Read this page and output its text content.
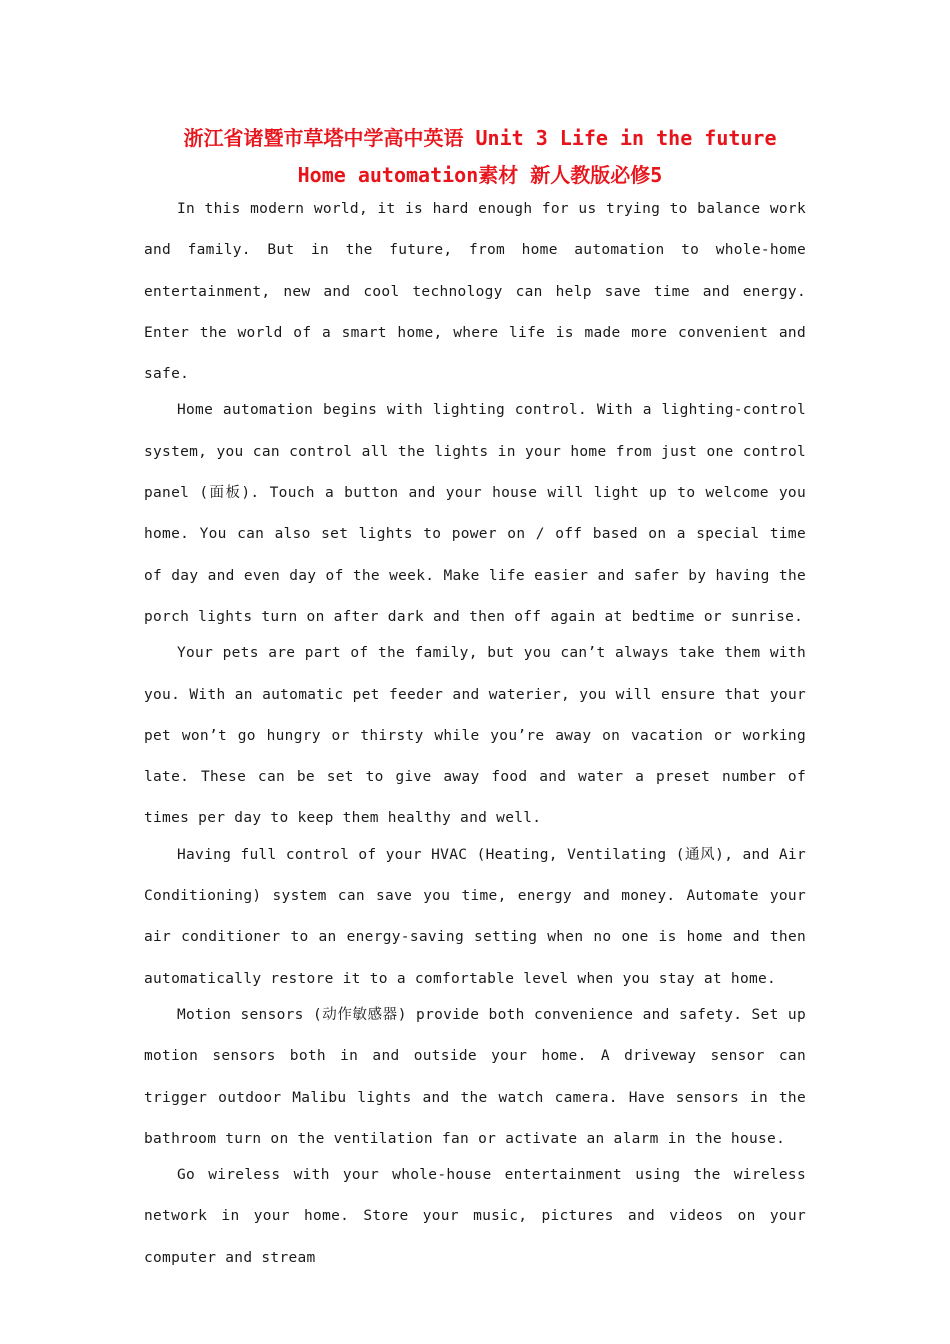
浙江省诸暨市草塔中学高中英语 Unit 3 Life in the future
Home automation素材 新人教版必修5

In this modern world, it is hard enough for us trying to balance work and family. But in the future, from home automation to whole-home entertainment, new and cool technology can help save time and energy. Enter the world of a smart home, where life is made more convenient and safe.

Home automation begins with lighting control. With a lighting-control system, you can control all the lights in your home from just one control panel (面板). Touch a button and your house will light up to welcome you home. You can also set lights to power on / off based on a special time of day and even day of the week. Make life easier and safer by having the porch lights turn on after dark and then off again at bedtime or sunrise.

Your pets are part of the family, but you can’t always take them with you. With an automatic pet feeder and waterier, you will ensure that your pet won’t go hungry or thirsty while you’re away on vacation or working late. These can be set to give away food and water a preset number of times per day to keep them healthy and well.

Having full control of your HVAC (Heating, Ventilating (通风), and Air Conditioning) system can save you time, energy and money. Automate your air conditioner to an energy-saving setting when no one is home and then automatically restore it to a comfortable level when you stay at home.

Motion sensors (动作敏感器) provide both convenience and safety. Set up motion sensors both in and outside your home. A driveway sensor can trigger outdoor Malibu lights and the watch camera. Have sensors in the bathroom turn on the ventilation fan or activate an alarm in the house.

Go wireless with your whole-house entertainment using the wireless network in your home. Store your music, pictures and videos on your computer and stream
